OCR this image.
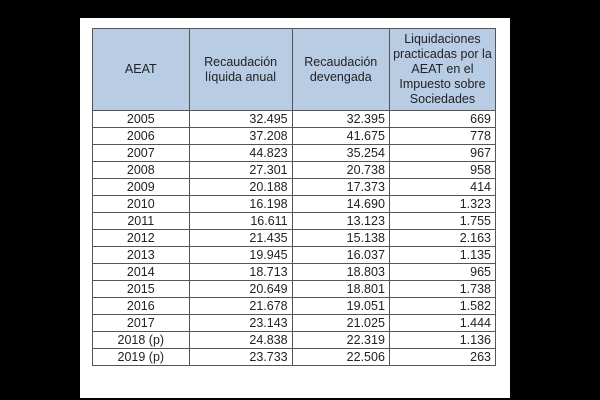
AEAT	Recaudación líquida anual	Recaudación devengada	Liquidaciones practicadas por la AEAT en el Impuesto sobre Sociedades
2005	32.495	32.395	669
2006	37.208	41.675	778
2007	44.823	35.254	967
2008	27.301	20.738	958
2009	20.188	17.373	414
2010	16.198	14.690	1.323
2011	16.611	13.123	1.755
2012	21.435	15.138	2.163
2013	19.945	16.037	1.135
2014	18.713	18.803	965
2015	20.649	18.801	1.738
2016	21.678	19.051	1.582
2017	23.143	21.025	1.444
2018 (p)	24.838	22.319	1.136
2019 (p)	23.733	22.506	263
